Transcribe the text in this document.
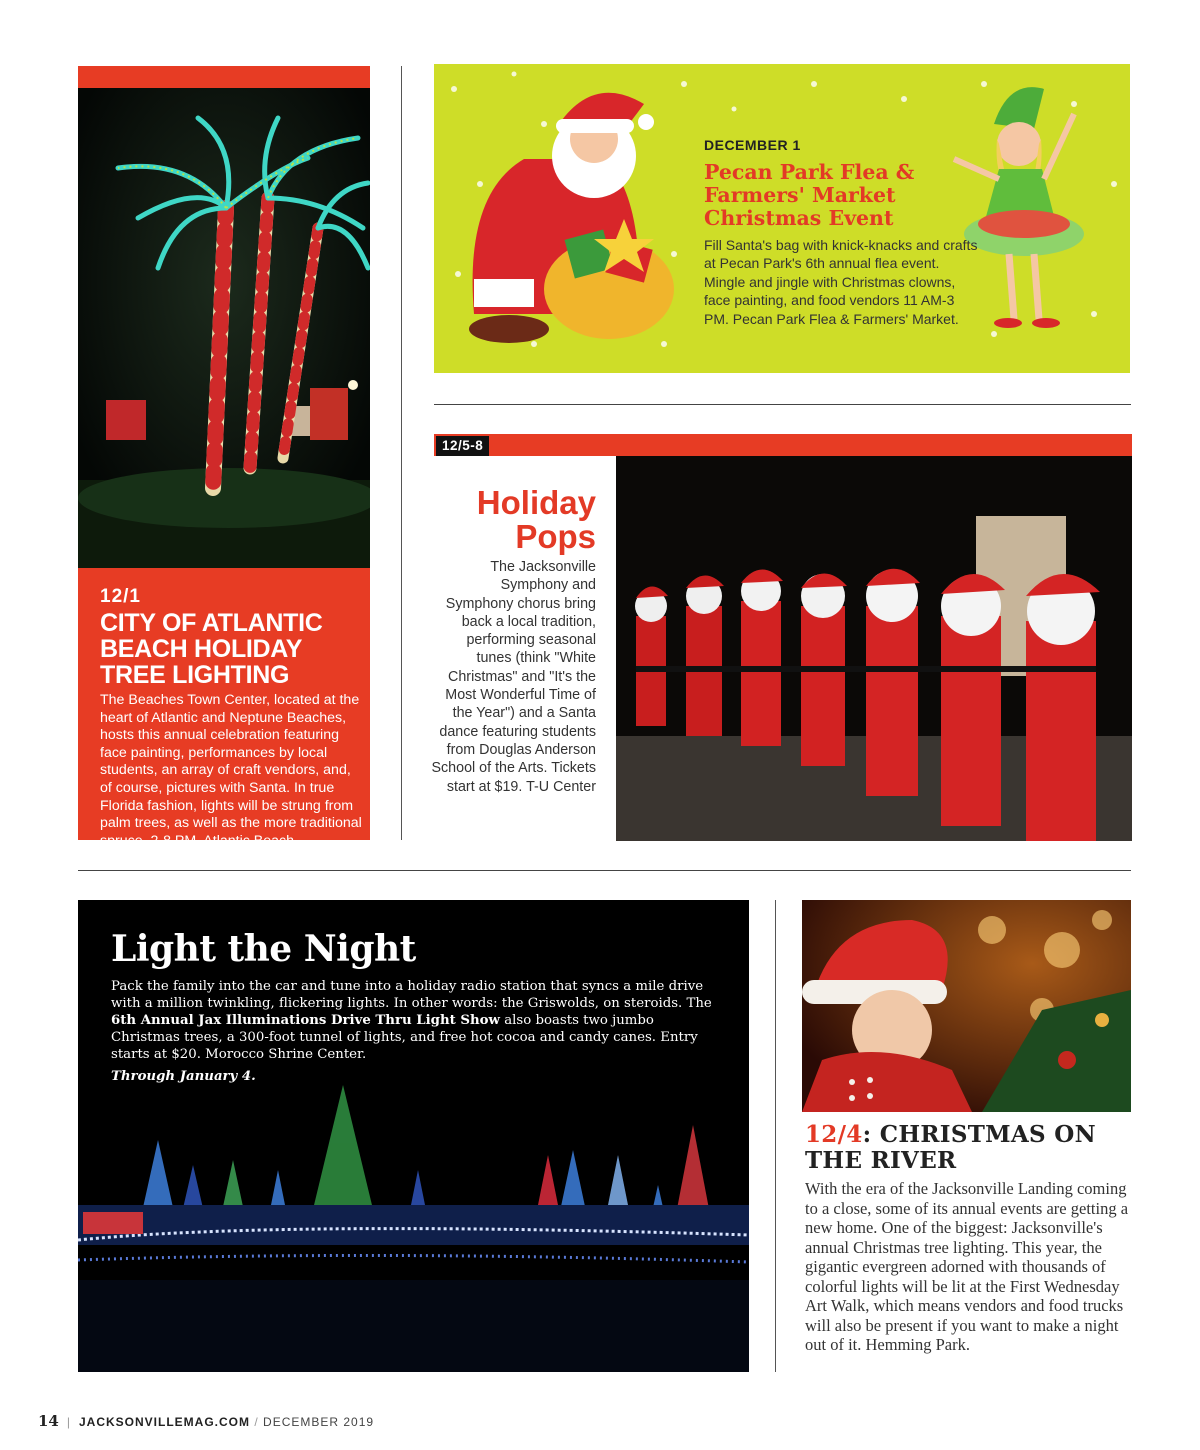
12/1
CITY OF ATLANTIC BEACH HOLIDAY TREE LIGHTING
The Beaches Town Center, located at the heart of Atlantic and Neptune Beaches, hosts this annual celebration featuring face painting, performances by local students, an array of craft vendors, and, of course, pictures with Santa. In true Florida fashion, lights will be strung from palm trees, as well as the more traditional spruce. 2-8 PM. Atlantic Beach.
DECEMBER 1
Pecan Park Flea & Farmers' Market Christmas Event
Fill Santa's bag with knick-knacks and crafts at Pecan Park's 6th annual flea event. Mingle and jingle with Christmas clowns, face painting, and food vendors 11 AM-3 PM. Pecan Park Flea & Farmers' Market.
12/5-8
Holiday
Pops
The Jacksonville Symphony and Symphony chorus bring back a local tradition, performing seasonal tunes (think "White Christmas" and "It's the Most Wonderful Time of the Year") and a Santa dance featuring students from Douglas Anderson School of the Arts. Tickets start at $19. T-U Center
Light the Night
Pack the family into the car and tune into a holiday radio station that syncs a mile drive with a million twinkling, flickering lights. In other words: the Griswolds, on steroids. The 6th Annual Jax Illuminations Drive Thru Light Show also boasts two jumbo Christmas trees, a 300-foot tunnel of lights, and free hot cocoa and candy canes. Entry starts at $20. Morocco Shrine Center.
Through January 4.
12/4: CHRISTMAS ON THE RIVER
With the era of the Jacksonville Landing coming to a close, some of its annual events are getting a new home. One of the biggest: Jacksonville's annual Christmas tree lighting. This year, the gigantic evergreen adorned with thousands of colorful lights will be lit at the First Wednesday Art Walk, which means vendors and food trucks will also be present if you want to make a night out of it. Hemming Park.
14 | JACKSONVILLEMAG.COM / DECEMBER 2019
